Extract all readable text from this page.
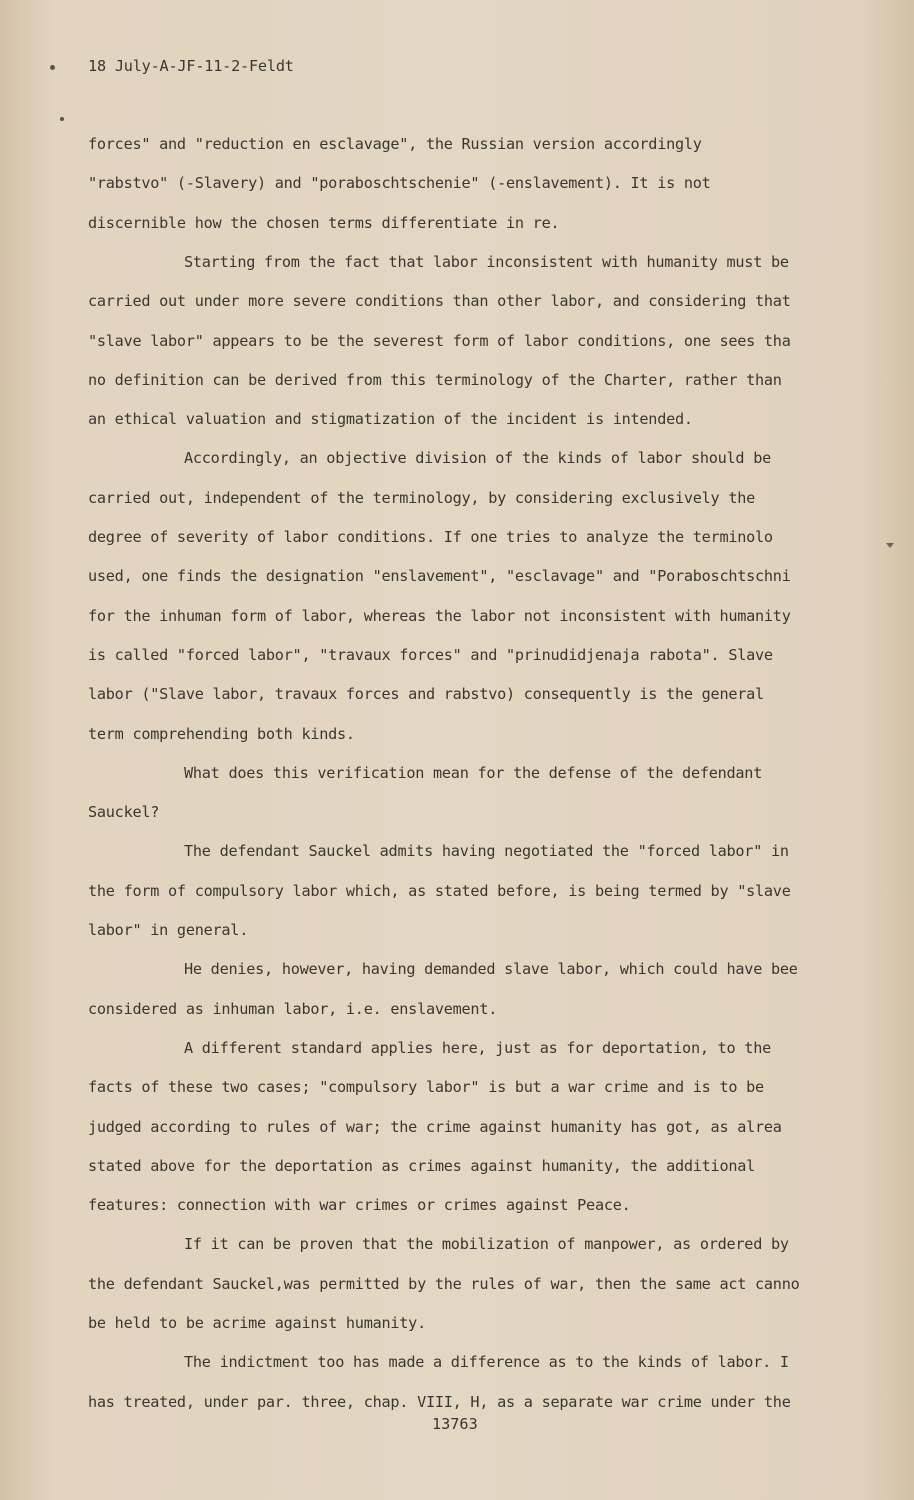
18 July-A-JF-11-2-Feldt
forces" and "reduction en esclavage", the Russian version accordingly
"rabstvo" (-Slavery) and "poraboschtschenie" (-enslavement). It is not
discernible how the chosen terms differentiate in re.
Starting from the fact that labor inconsistent with humanity must be
carried out under more severe conditions than other labor, and considering that
"slave labor" appears to be the severest form of labor conditions, one sees tha
no definition can be derived from this terminology of the Charter, rather than
an ethical valuation and stigmatization of the incident is intended.
Accordingly, an objective division of the kinds of labor should be
carried out, independent of the terminology, by considering exclusively the
degree of severity of labor conditions. If one tries to analyze the terminolo
used, one finds the designation "enslavement", "esclavage" and "Poraboschtschni
for the inhuman form of labor, whereas the labor not inconsistent with humanity
is called "forced labor", "travaux forces" and "prinudidjenaja rabota". Slave
labor ("Slave labor, travaux forces and rabstvo) consequently is the general
term comprehending both kinds.
What does this verification mean for the defense of the defendant
Sauckel?
The defendant Sauckel admits having negotiated the "forced labor" in
the form of compulsory labor which, as stated before, is being termed by "slave
labor" in general.
He denies, however, having demanded slave labor, which could have bee
considered as inhuman labor, i.e. enslavement.
A different standard applies here, just as for deportation, to the
facts of these two cases; "compulsory labor" is but a war crime and is to be
judged according to rules of war; the crime against humanity has got, as alrea
stated above for the deportation as crimes against humanity, the additional
features: connection with war crimes or crimes against Peace.
If it can be proven that the mobilization of manpower, as ordered by
the defendant Sauckel,was permitted by the rules of war, then the same act canno
be held to be acrime against humanity.
The indictment too has made a difference as to the kinds of labor. I
has treated, under par. three, chap. VIII, H, as a separate war crime under the
13763
